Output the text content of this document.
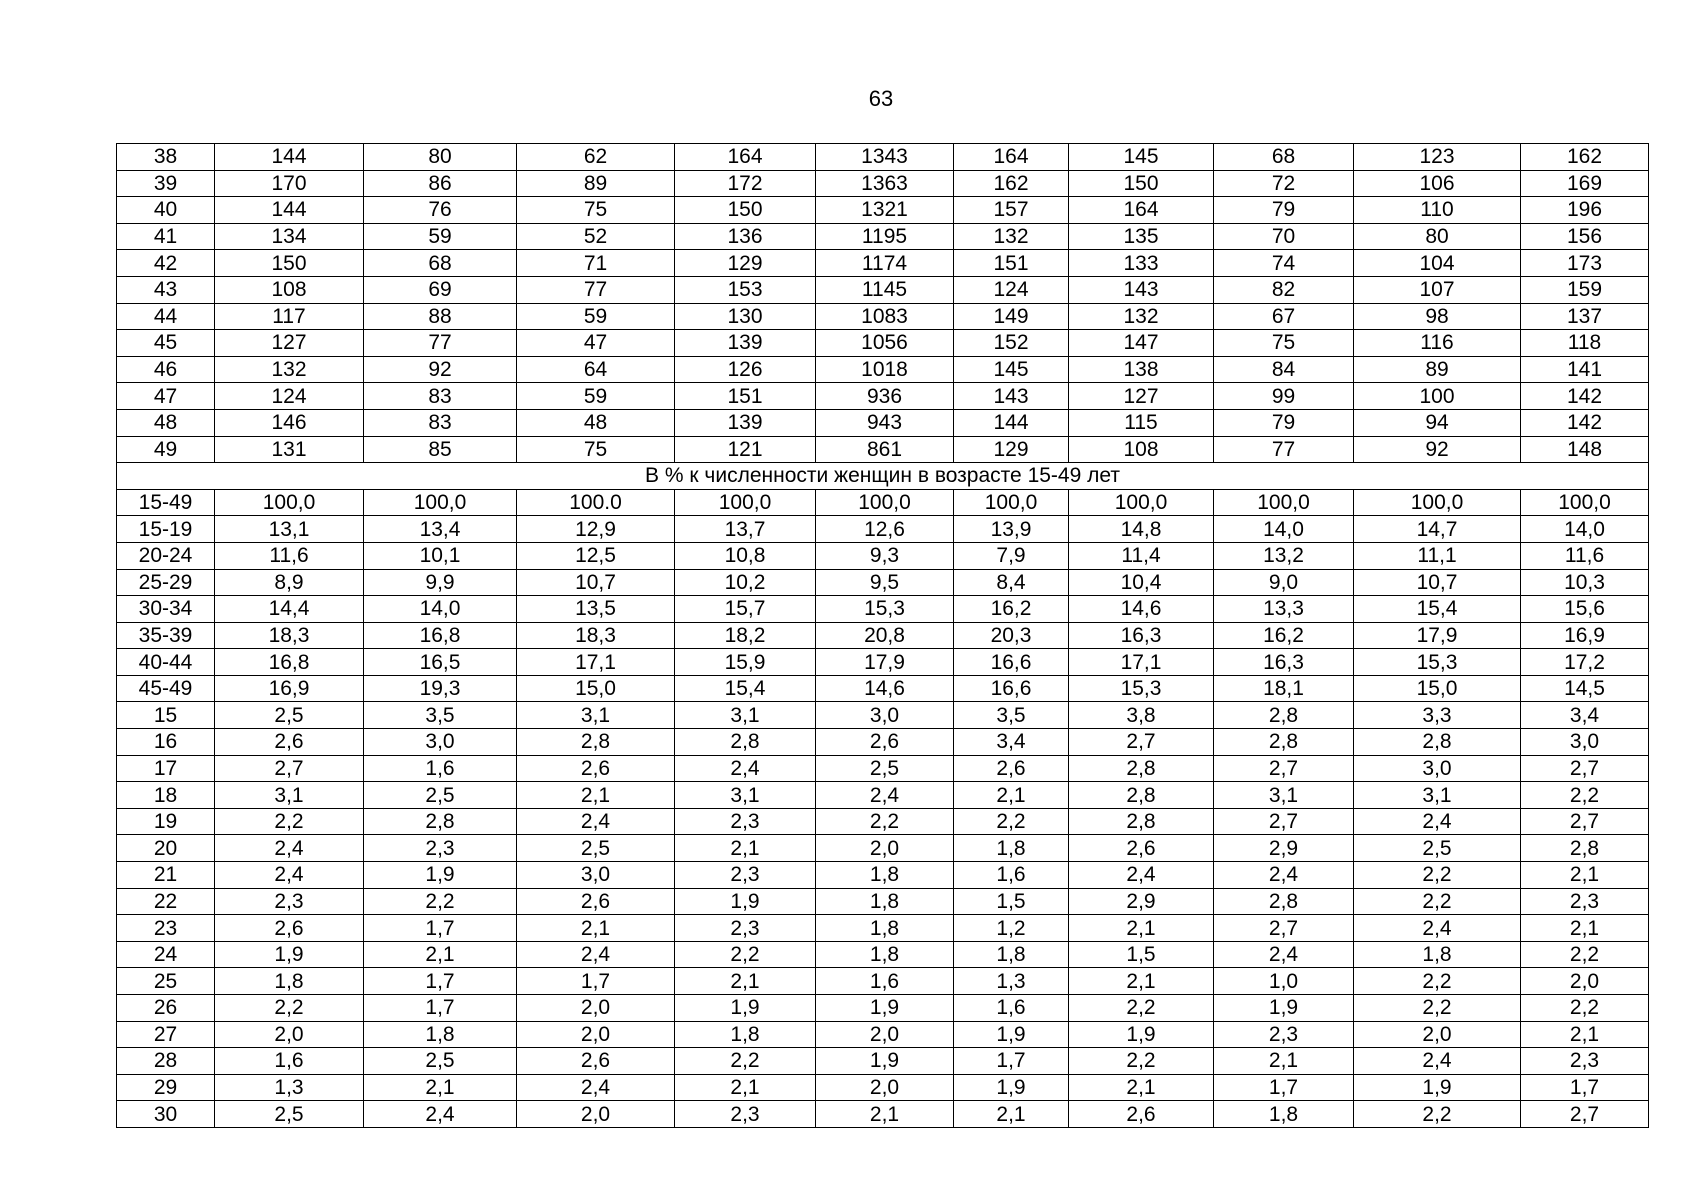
63
38	144	80	62	164	1343	164	145	68	123	162
39	170	86	89	172	1363	162	150	72	106	169
40	144	76	75	150	1321	157	164	79	110	196
41	134	59	52	136	1195	132	135	70	80	156
42	150	68	71	129	1174	151	133	74	104	173
43	108	69	77	153	1145	124	143	82	107	159
44	117	88	59	130	1083	149	132	67	98	137
45	127	77	47	139	1056	152	147	75	116	118
46	132	92	64	126	1018	145	138	84	89	141
47	124	83	59	151	936	143	127	99	100	142
48	146	83	48	139	943	144	115	79	94	142
49	131	85	75	121	861	129	108	77	92	148
В % к численности женщин в возрасте 15-49 лет										
15-49	100,0	100,0	100.0	100,0	100,0	100,0	100,0	100,0	100,0	100,0
15-19	13,1	13,4	12,9	13,7	12,6	13,9	14,8	14,0	14,7	14,0
20-24	11,6	10,1	12,5	10,8	9,3	7,9	11,4	13,2	11,1	11,6
25-29	8,9	9,9	10,7	10,2	9,5	8,4	10,4	9,0	10,7	10,3
30-34	14,4	14,0	13,5	15,7	15,3	16,2	14,6	13,3	15,4	15,6
35-39	18,3	16,8	18,3	18,2	20,8	20,3	16,3	16,2	17,9	16,9
40-44	16,8	16,5	17,1	15,9	17,9	16,6	17,1	16,3	15,3	17,2
45-49	16,9	19,3	15,0	15,4	14,6	16,6	15,3	18,1	15,0	14,5
15	2,5	3,5	3,1	3,1	3,0	3,5	3,8	2,8	3,3	3,4
16	2,6	3,0	2,8	2,8	2,6	3,4	2,7	2,8	2,8	3,0
17	2,7	1,6	2,6	2,4	2,5	2,6	2,8	2,7	3,0	2,7
18	3,1	2,5	2,1	3,1	2,4	2,1	2,8	3,1	3,1	2,2
19	2,2	2,8	2,4	2,3	2,2	2,2	2,8	2,7	2,4	2,7
20	2,4	2,3	2,5	2,1	2,0	1,8	2,6	2,9	2,5	2,8
21	2,4	1,9	3,0	2,3	1,8	1,6	2,4	2,4	2,2	2,1
22	2,3	2,2	2,6	1,9	1,8	1,5	2,9	2,8	2,2	2,3
23	2,6	1,7	2,1	2,3	1,8	1,2	2,1	2,7	2,4	2,1
24	1,9	2,1	2,4	2,2	1,8	1,8	1,5	2,4	1,8	2,2
25	1,8	1,7	1,7	2,1	1,6	1,3	2,1	1,0	2,2	2,0
26	2,2	1,7	2,0	1,9	1,9	1,6	2,2	1,9	2,2	2,2
27	2,0	1,8	2,0	1,8	2,0	1,9	1,9	2,3	2,0	2,1
28	1,6	2,5	2,6	2,2	1,9	1,7	2,2	2,1	2,4	2,3
29	1,3	2,1	2,4	2,1	2,0	1,9	2,1	1,7	1,9	1,7
30	2,5	2,4	2,0	2,3	2,1	2,1	2,6	1,8	2,2	2,7
